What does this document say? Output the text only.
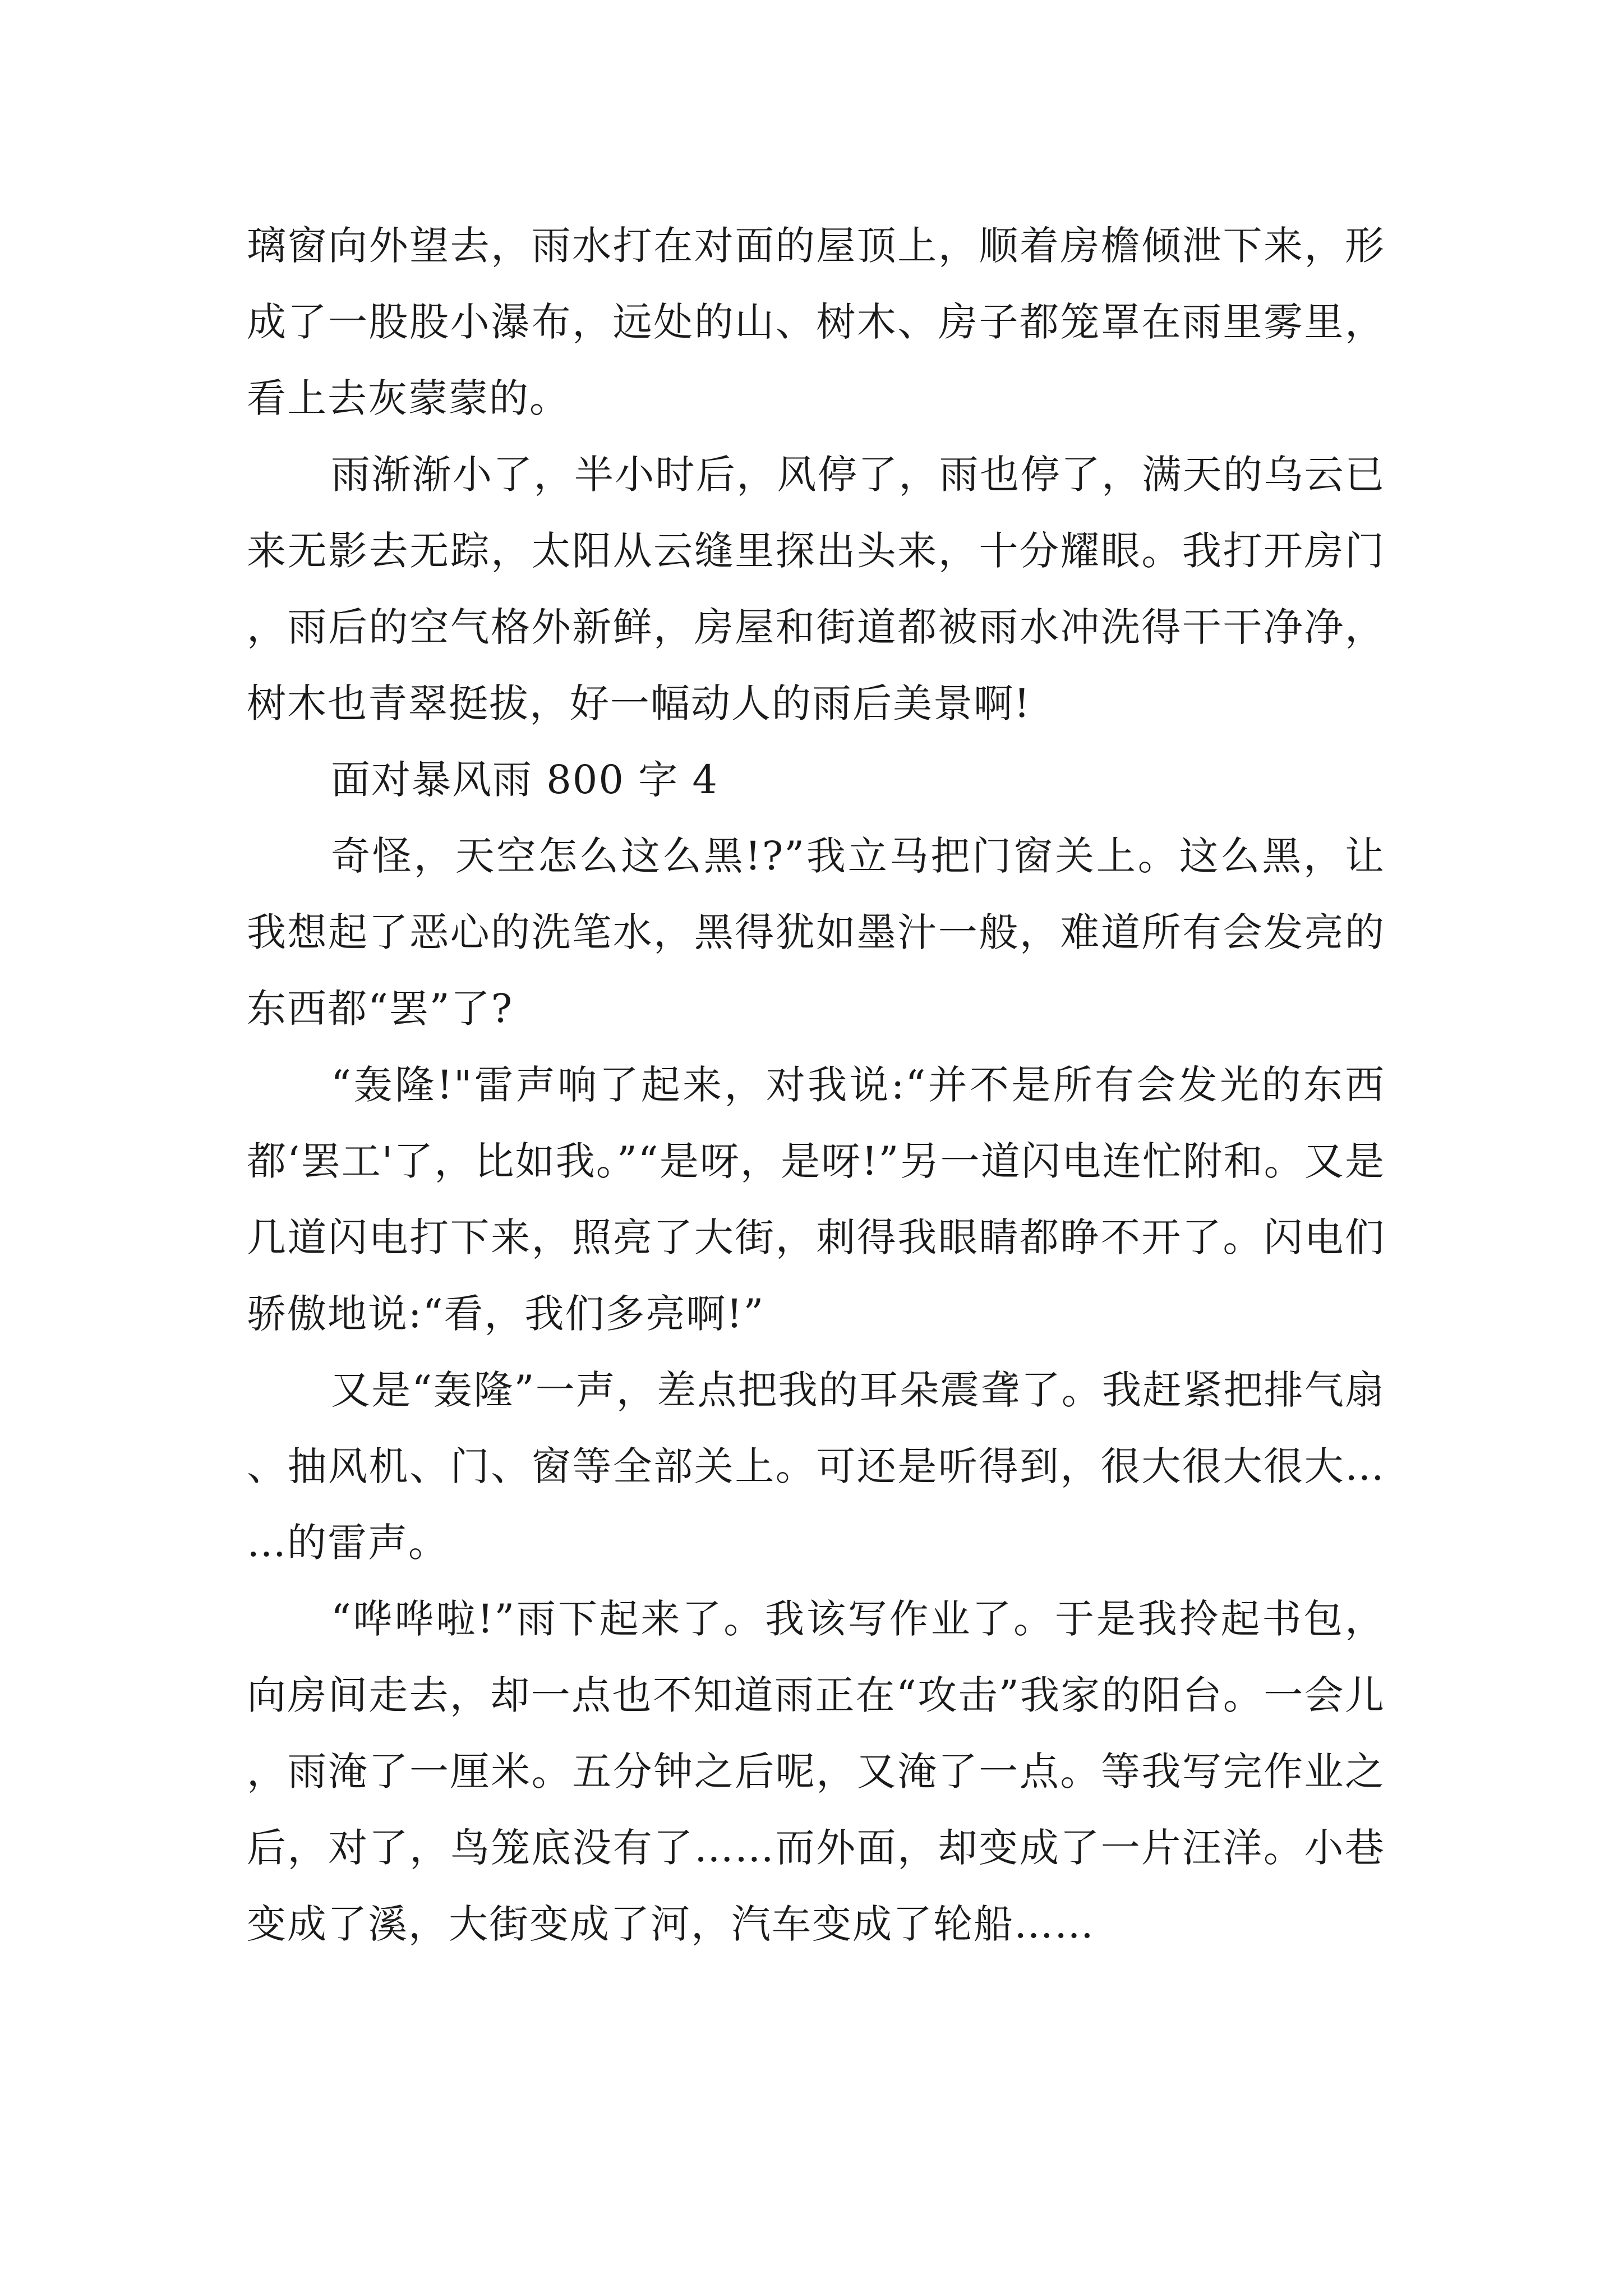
璃窗向外望去，雨水打在对面的屋顶上，顺着房檐倾泄下来，形成了一股股小瀑布，远处的山、树木、房子都笼罩在雨里雾里，看上去灰蒙蒙的。

雨渐渐小了，半小时后，风停了，雨也停了，满天的乌云已来无影去无踪，太阳从云缝里探出头来，十分耀眼。我打开房门，雨后的空气格外新鲜，房屋和街道都被雨水冲洗得干干净净，树木也青翠挺拔，好一幅动人的雨后美景啊!

面对暴风雨 800 字 4

奇怪，天空怎么这么黑!?”我立马把门窗关上。这么黑，让我想起了恶心的洗笔水，黑得犹如墨汁一般，难道所有会发亮的东西都“罢”了?

“轰隆!"雷声响了起来，对我说:“并不是所有会发光的东西都‘罢工'了，比如我。”“是呀，是呀!”另一道闪电连忙附和。又是几道闪电打下来，照亮了大街，刺得我眼睛都睁不开了。闪电们骄傲地说:“看，我们多亮啊!”

又是“轰隆”一声，差点把我的耳朵震聋了。我赶紧把排气扇、抽风机、门、窗等全部关上。可还是听得到，很大很大很大……的雷声。

“哗哗啦!”雨下起来了。我该写作业了。于是我拎起书包，向房间走去，却一点也不知道雨正在“攻击”我家的阳台。一会儿，雨淹了一厘米。五分钟之后呢，又淹了一点。等我写完作业之后，对了，鸟笼底没有了……而外面，却变成了一片汪洋。小巷变成了溪，大街变成了河，汽车变成了轮船……
